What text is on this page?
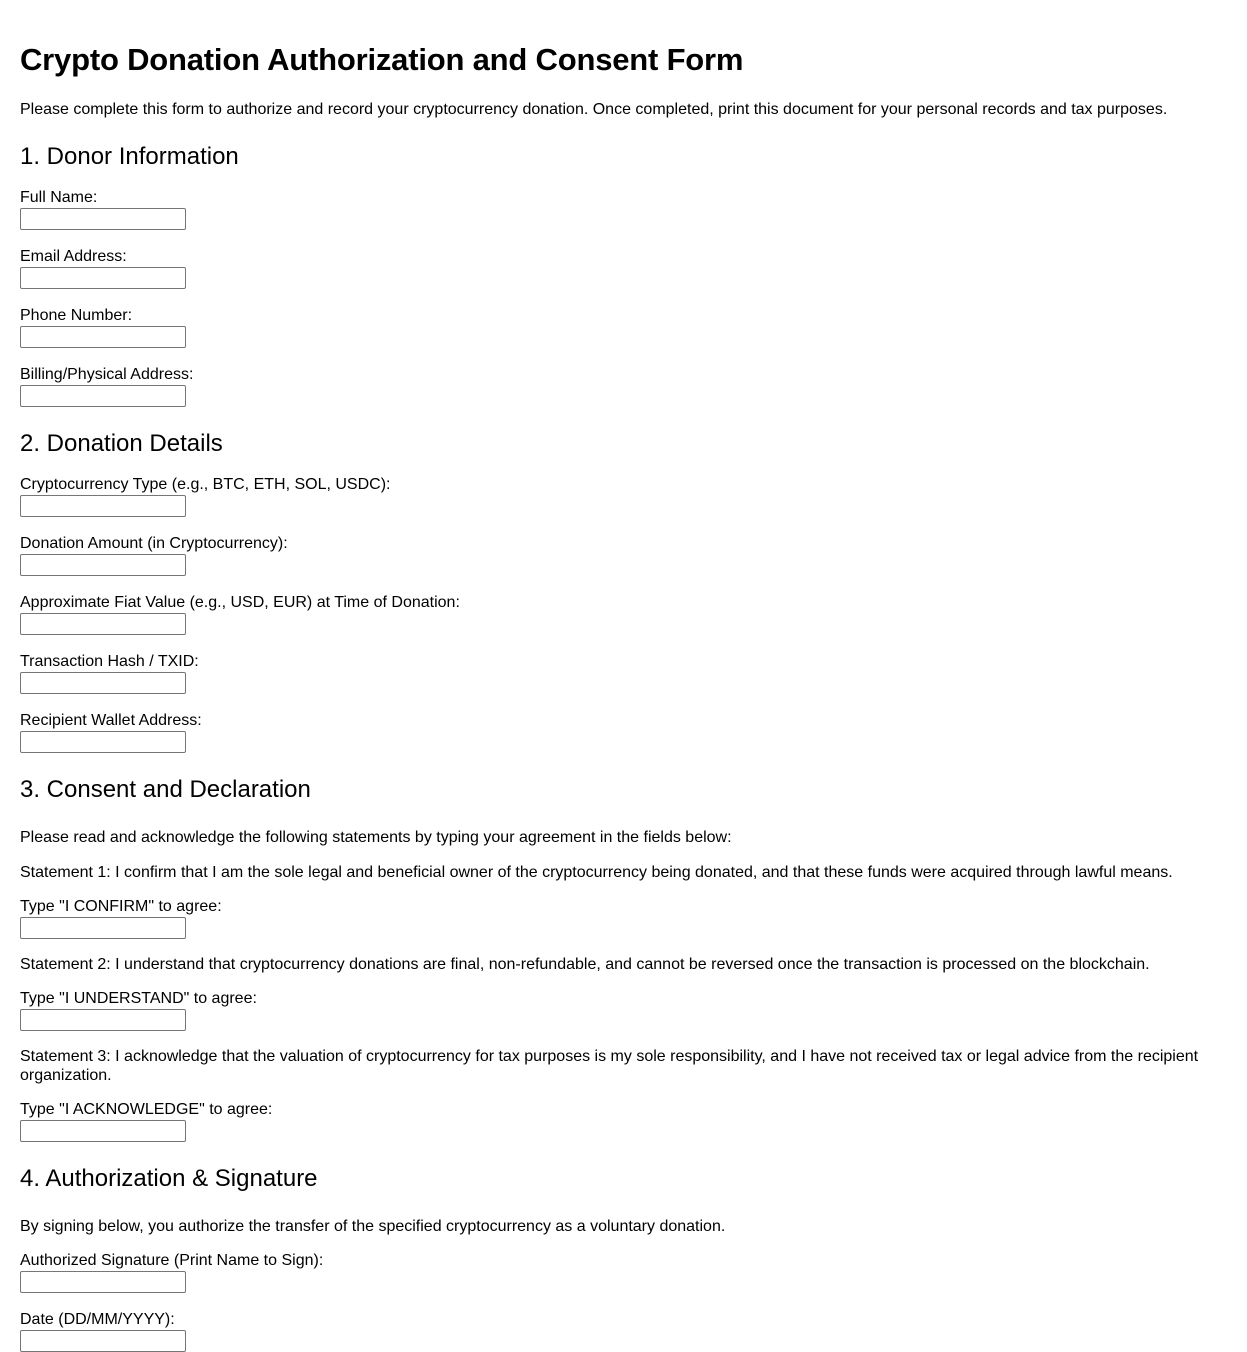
Crypto Donation Authorization and Consent Form

Please complete this form to authorize and record your cryptocurrency donation. Once completed, print this document for your personal records and tax purposes.

1. Donor Information
Full Name:
Email Address:
Phone Number:
Billing/Physical Address:
2. Donation Details
Cryptocurrency Type (e.g., BTC, ETH, SOL, USDC):
Donation Amount (in Cryptocurrency):
Approximate Fiat Value (e.g., USD, EUR) at Time of Donation:
Transaction Hash / TXID:
Recipient Wallet Address:
3. Consent and Declaration

Please read and acknowledge the following statements by typing your agreement in the fields below:

Statement 1: I confirm that I am the sole legal and beneficial owner of the cryptocurrency being donated, and that these funds were acquired through lawful means.

Type "I CONFIRM" to agree:

Statement 2: I understand that cryptocurrency donations are final, non-refundable, and cannot be reversed once the transaction is processed on the blockchain.

Type "I UNDERSTAND" to agree:

Statement 3: I acknowledge that the valuation of cryptocurrency for tax purposes is my sole responsibility, and I have not received tax or legal advice from the recipient organization.

Type "I ACKNOWLEDGE" to agree:
4. Authorization & Signature

By signing below, you authorize the transfer of the specified cryptocurrency as a voluntary donation.

Authorized Signature (Print Name to Sign):
Date (DD/MM/YYYY):
